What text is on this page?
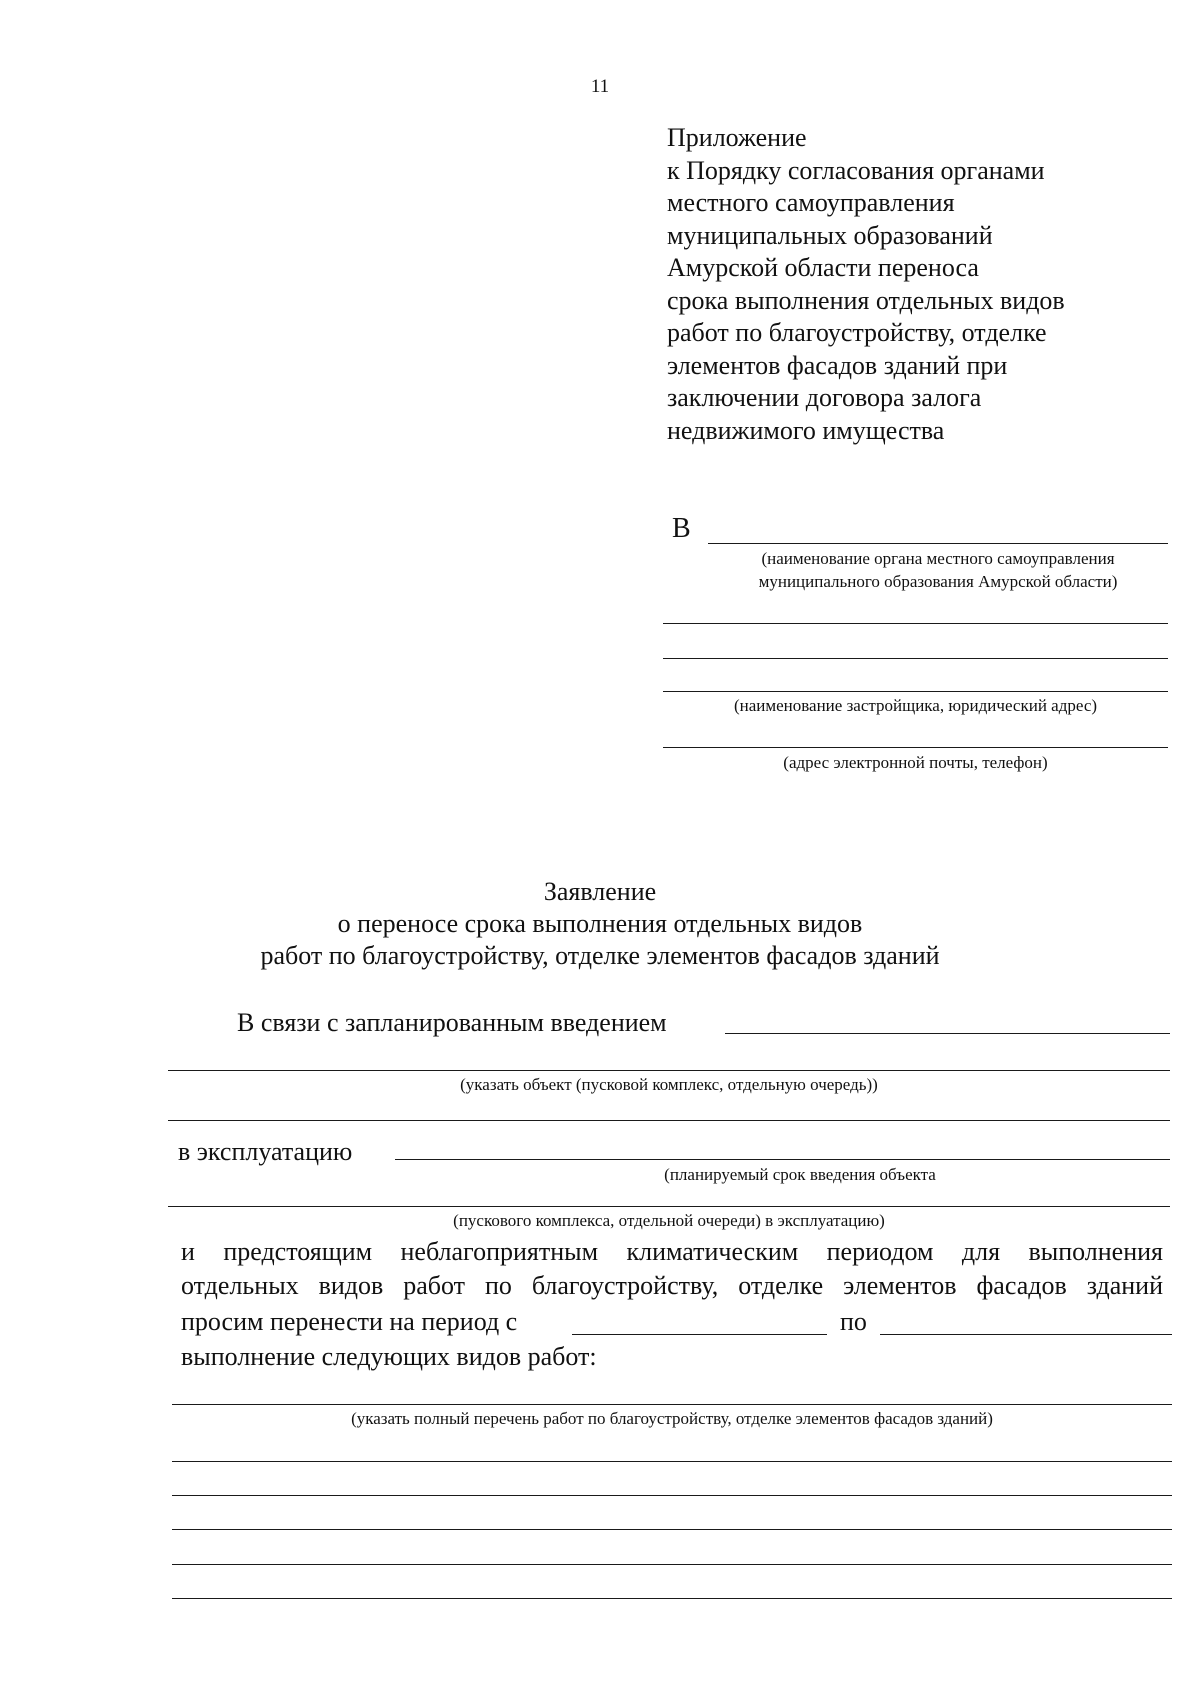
11
Приложение
к Порядку согласования органами
местного самоуправления
муниципальных образований
Амурской области переноса
срока выполнения отдельных видов
работ по благоустройству, отделке
элементов фасадов зданий при
заключении договора залога
недвижимого имущества
В
(наименование органа местного самоуправления
муниципального образования Амурской области)
(наименование застройщика, юридический адрес)
(адрес электронной почты, телефон)
Заявление
о переносе срока выполнения отдельных видов
работ по благоустройству, отделке элементов фасадов зданий
В связи с запланированным введением
(указать объект (пусковой комплекс, отдельную очередь))
в эксплуатацию
(планируемый срок введения объекта
(пускового комплекса, отдельной очереди) в эксплуатацию)
и предстоящим неблагоприятным климатическим периодом для выполнения
отдельных видов работ по благоустройству, отделке элементов фасадов зданий
просим перенести на период с	по
выполнение следующих видов работ:
(указать полный перечень работ по благоустройству, отделке элементов фасадов зданий)
